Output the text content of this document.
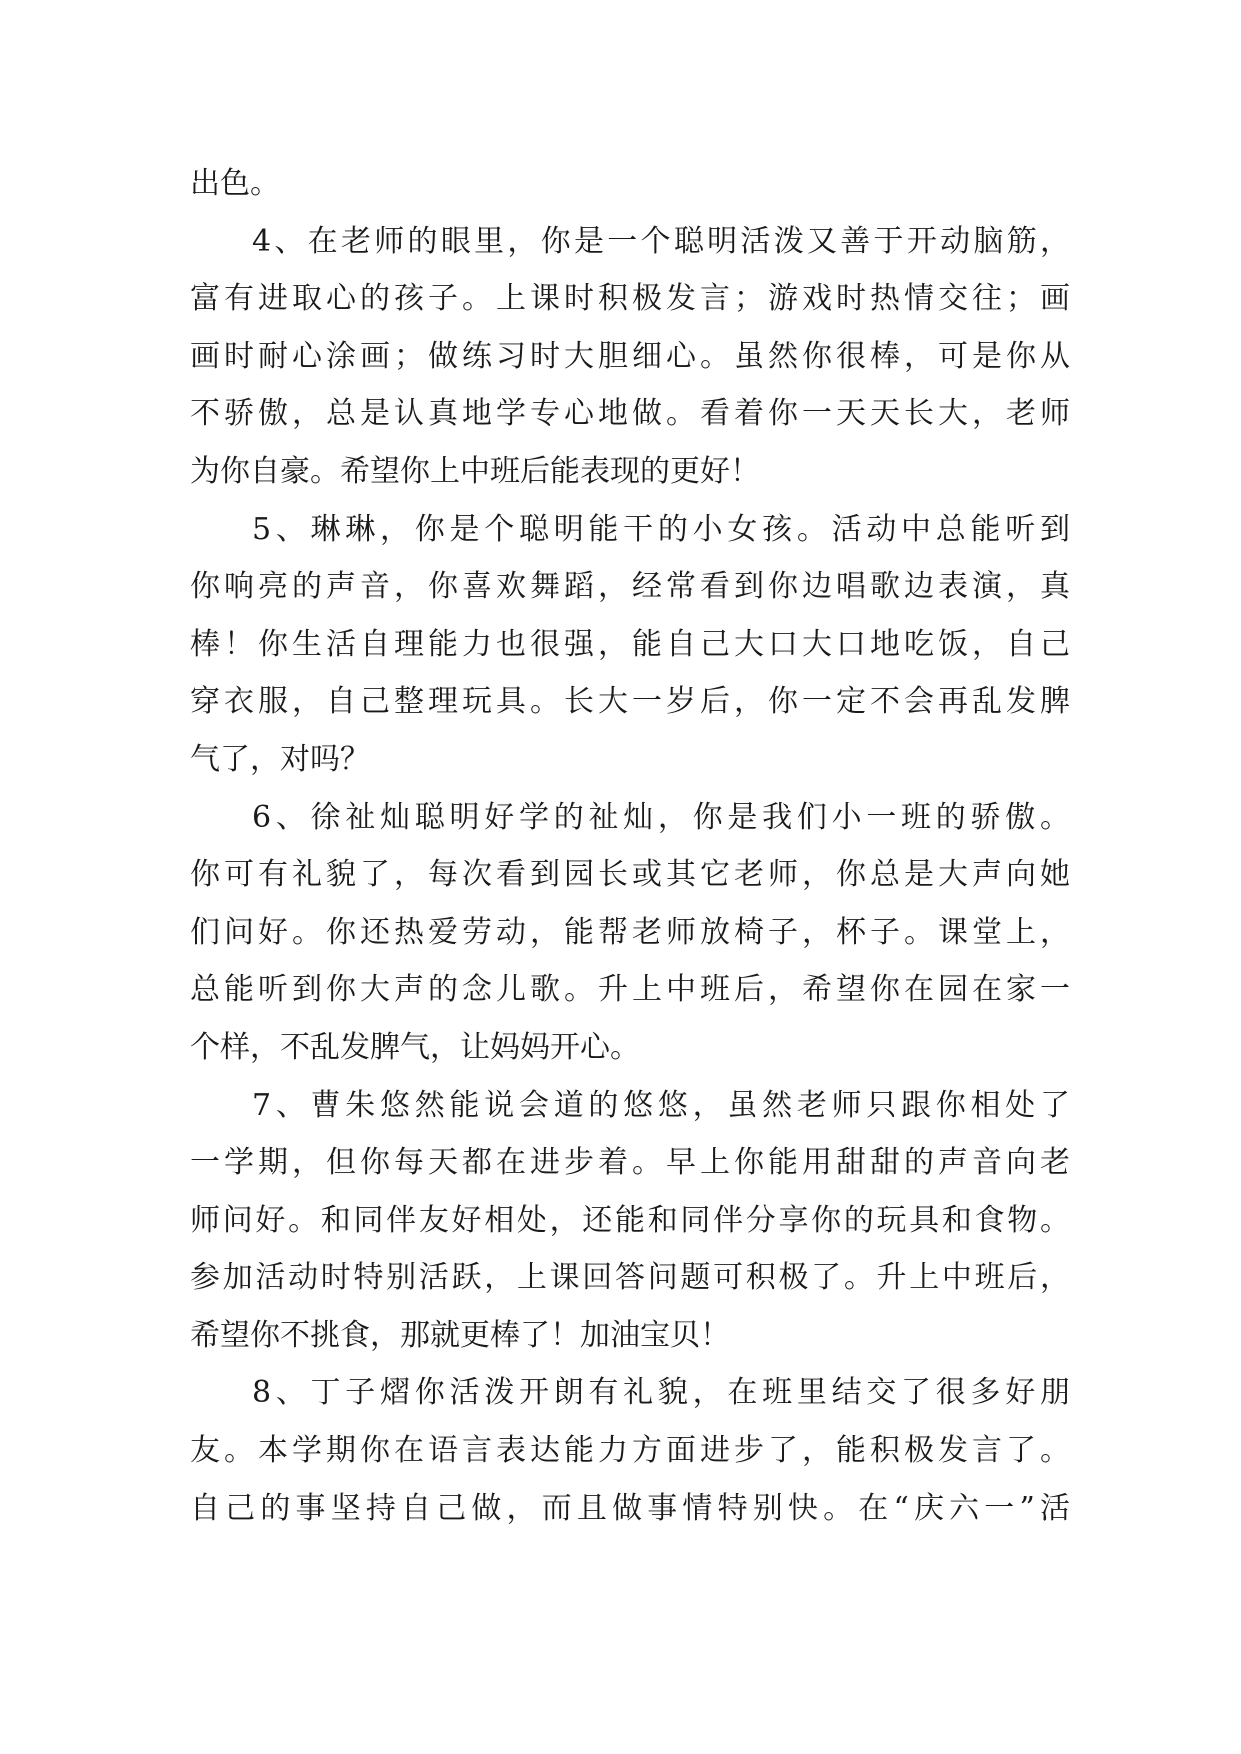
出色。
4、在老师的眼里，你是一个聪明活泼又善于开动脑筋，
富有进取心的孩子。上课时积极发言；游戏时热情交往；画
画时耐心涂画；做练习时大胆细心。虽然你很棒，可是你从
不骄傲，总是认真地学专心地做。看着你一天天长大，老师
为你自豪。希望你上中班后能表现的更好！
5、琳琳，你是个聪明能干的小女孩。活动中总能听到
你响亮的声音，你喜欢舞蹈，经常看到你边唱歌边表演，真
棒！你生活自理能力也很强，能自己大口大口地吃饭，自己
穿衣服，自己整理玩具。长大一岁后，你一定不会再乱发脾
气了，对吗？
6、徐祉灿聪明好学的祉灿，你是我们小一班的骄傲。
你可有礼貌了，每次看到园长或其它老师，你总是大声向她
们问好。你还热爱劳动，能帮老师放椅子，杯子。课堂上，
总能听到你大声的念儿歌。升上中班后，希望你在园在家一
个样，不乱发脾气，让妈妈开心。
7、曹朱悠然能说会道的悠悠，虽然老师只跟你相处了
一学期，但你每天都在进步着。早上你能用甜甜的声音向老
师问好。和同伴友好相处，还能和同伴分享你的玩具和食物。
参加活动时特别活跃，上课回答问题可积极了。升上中班后，
希望你不挑食，那就更棒了！加油宝贝！
8、丁子熠你活泼开朗有礼貌，在班里结交了很多好朋
友。本学期你在语言表达能力方面进步了，能积极发言了。
自己的事坚持自己做，而且做事情特别快。在“庆六一”活
